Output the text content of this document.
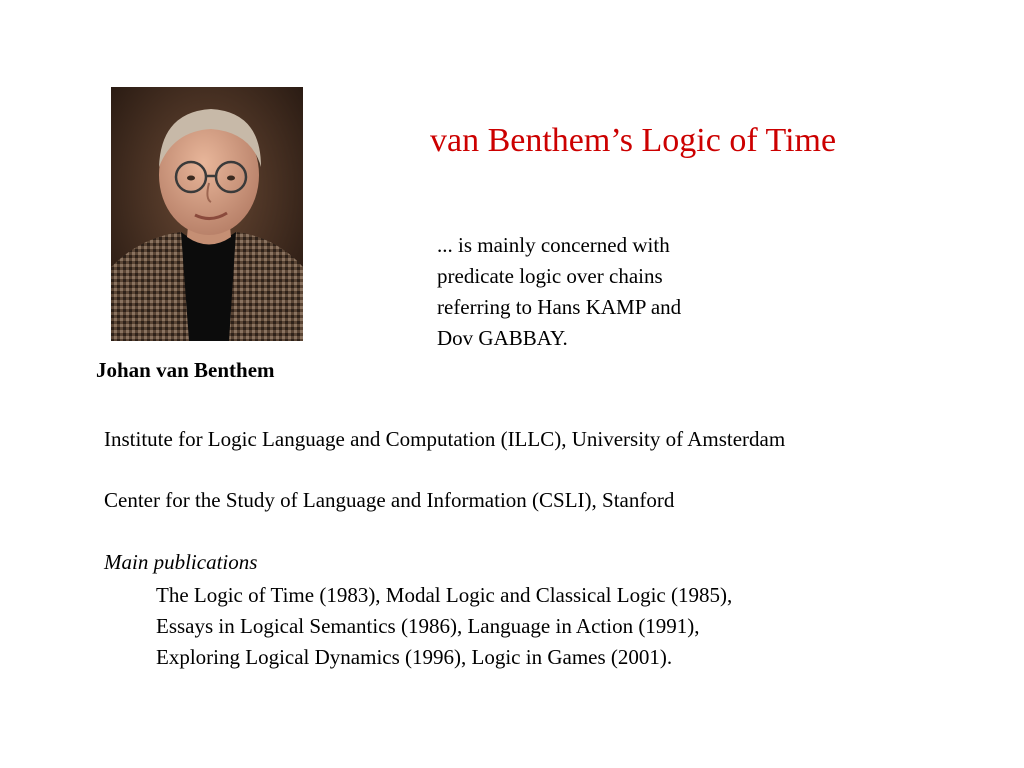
Johan van Benthem
van Benthem’s Logic of Time
... is mainly concerned with
predicate logic over chains
referring to Hans KAMP and
Dov GABBAY.
Institute for Logic Language and Computation (ILLC), University of Amsterdam
Center for the Study of Language and Information (CSLI), Stanford
Main publications
The Logic of Time (1983), Modal Logic and Classical Logic (1985),
Essays in Logical Semantics (1986), Language in Action (1991),
Exploring Logical Dynamics (1996), Logic in Games (2001).
